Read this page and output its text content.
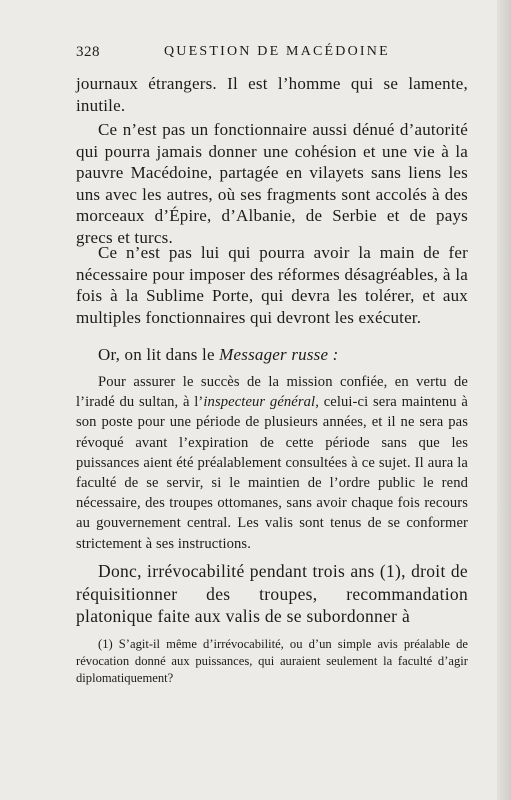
328	QUESTION DE MACÉDOINE

journaux étrangers. Il est l’homme qui se lamente, inutile.

Ce n’est pas un fonctionnaire aussi dénué d’autorité qui pourra jamais donner une cohésion et une vie à la pauvre Macédoine, partagée en vilayets sans liens les uns avec les autres, où ses fragments sont accolés à des morceaux d’Épire, d’Albanie, de Serbie et de pays grecs et turcs.

Ce n’est pas lui qui pourra avoir la main de fer nécessaire pour imposer des réformes désagréables, à la fois à la Sublime Porte, qui devra les tolérer, et aux multiples fonctionnaires qui devront les exécuter.

Or, on lit dans le Messager russe :

Pour assurer le succès de la mission confiée, en vertu de l’iradé du sultan, à l’inspecteur général, celui-ci sera maintenu à son poste pour une période de plusieurs années, et il ne sera pas révoqué avant l’expiration de cette période sans que les puissances aient été préalablement consultées à ce sujet. Il aura la faculté de se servir, si le maintien de l’ordre public le rend nécessaire, des troupes ottomanes, sans avoir chaque fois recours au gouvernement central. Les valis sont tenus de se conformer strictement à ses instructions.

Donc, irrévocabilité pendant trois ans (1), droit de réquisitionner des troupes, recommandation platonique faite aux valis de se subordonner à

(1) S’agit-il même d’irrévocabilité, ou d’un simple avis préalable de révocation donné aux puissances, qui auraient seulement la faculté d’agir diplomatiquement?
